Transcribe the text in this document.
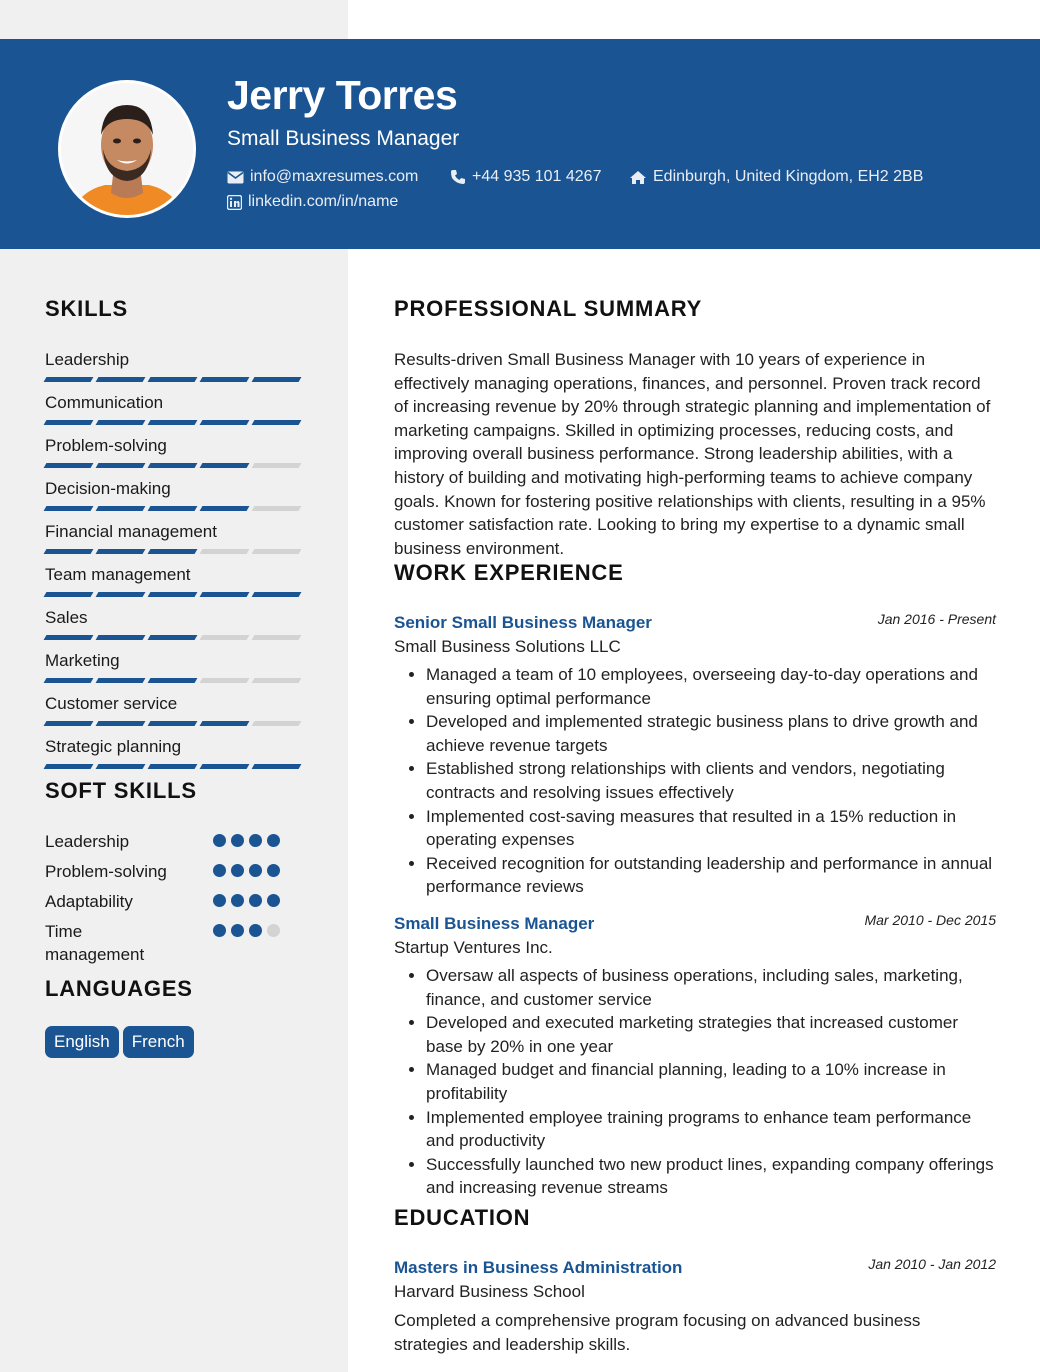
Jerry Torres
Small Business Manager
info@maxresumes.com	+44 935 101 4267	Edinburgh, United Kingdom, EH2 2BB
linkedin.com/in/name
SKILLS
Leadership
Communication
Problem-solving
Decision-making
Financial management
Team management
Sales
Marketing
Customer service
Strategic planning
SOFT SKILLS
Leadership
Problem-solving
Adaptability
Time management
LANGUAGES
English French
PROFESSIONAL SUMMARY
Results-driven Small Business Manager with 10 years of experience in effectively managing operations, finances, and personnel. Proven track record of increasing revenue by 20% through strategic planning and implementation of marketing campaigns. Skilled in optimizing processes, reducing costs, and improving overall business performance. Strong leadership abilities, with a history of building and motivating high-performing teams to achieve company goals. Known for fostering positive relationships with clients, resulting in a 95% customer satisfaction rate. Looking to bring my expertise to a dynamic small business environment.
WORK EXPERIENCE
Senior Small Business Manager	Jan 2016 - Present
Small Business Solutions LLC
• Managed a team of 10 employees, overseeing day-to-day operations and ensuring optimal performance
• Developed and implemented strategic business plans to drive growth and achieve revenue targets
• Established strong relationships with clients and vendors, negotiating contracts and resolving issues effectively
• Implemented cost-saving measures that resulted in a 15% reduction in operating expenses
• Received recognition for outstanding leadership and performance in annual performance reviews
Small Business Manager	Mar 2010 - Dec 2015
Startup Ventures Inc.
• Oversaw all aspects of business operations, including sales, marketing, finance, and customer service
• Developed and executed marketing strategies that increased customer base by 20% in one year
• Managed budget and financial planning, leading to a 10% increase in profitability
• Implemented employee training programs to enhance team performance and productivity
• Successfully launched two new product lines, expanding company offerings and increasing revenue streams
EDUCATION
Masters in Business Administration	Jan 2010 - Jan 2012
Harvard Business School
Completed a comprehensive program focusing on advanced business strategies and leadership skills.
